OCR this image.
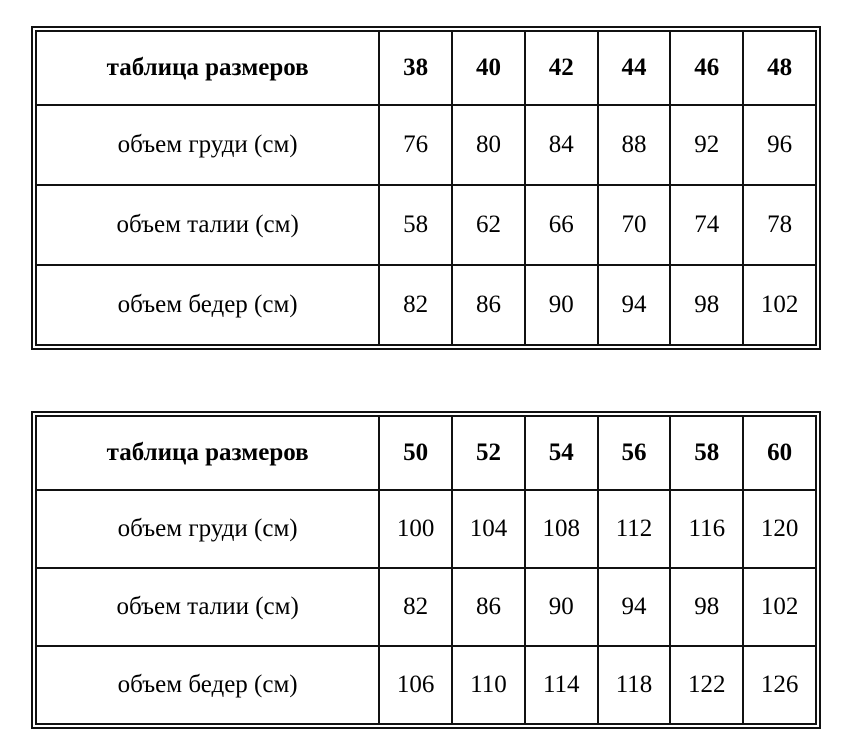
таблица размеров	38	40	42	44	46	48

объем груди (см)	76	80	84	88	92	96

объем талии (см)	58	62	66	70	74	78

объем бедер (см)	82	86	90	94	98	102
таблица размеров	50	52	54	56	58	60

объем груди (см)	100	104	108	112	116	120

объем талии (см)	82	86	90	94	98	102

объем бедер (см)	106	110	114	118	122	126
